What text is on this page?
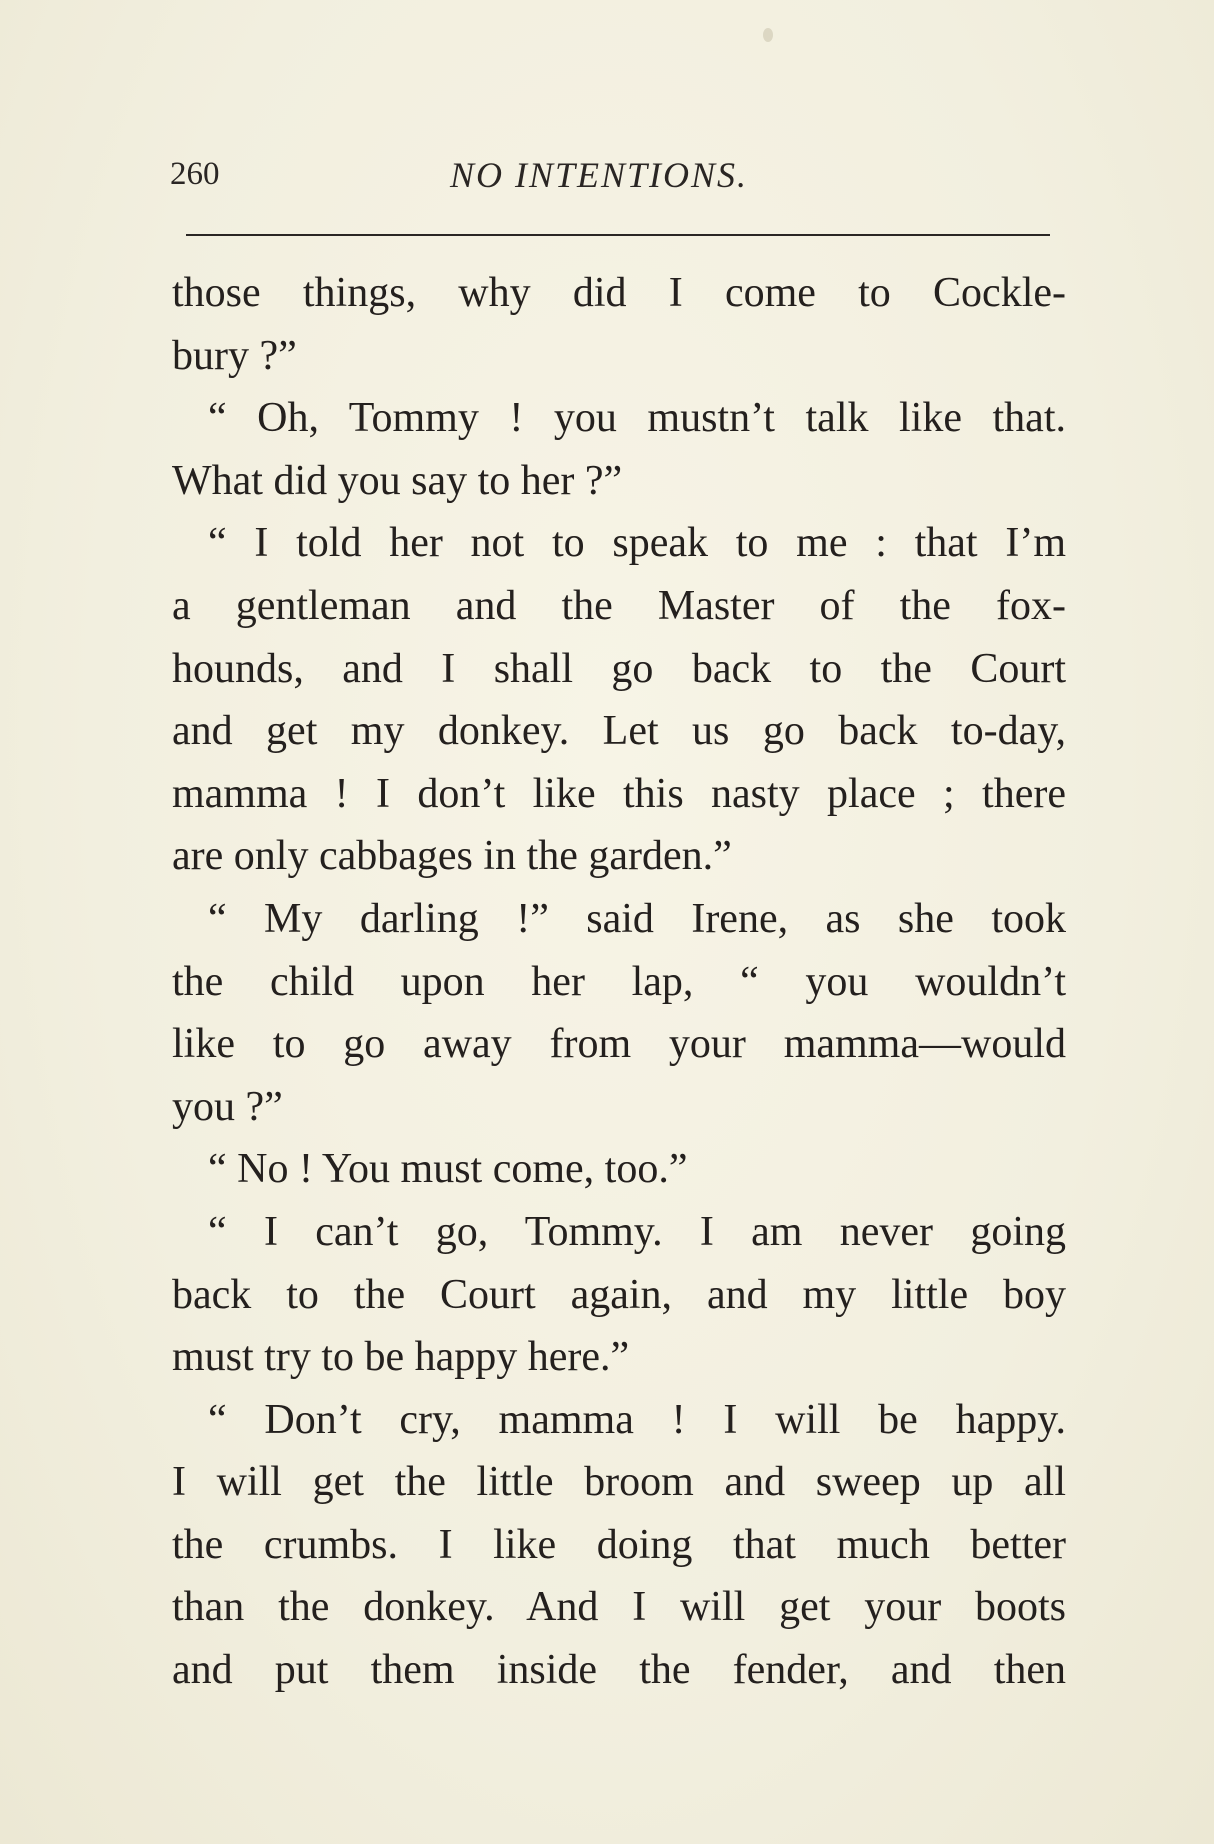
260	NO INTENTIONS.
those things, why did I come to Cockle-
bury ?”
“ Oh, Tommy ! you mustn’t talk like that.
What did you say to her ?”
“ I told her not to speak to me : that I’m
a gentleman and the Master of the fox-
hounds, and I shall go back to the Court
and get my donkey. Let us go back to-day,
mamma ! I don’t like this nasty place ; there
are only cabbages in the garden.”
“ My darling !” said Irene, as she took
the child upon her lap, “ you wouldn’t
like to go away from your mamma—would
you ?”
“ No ! You must come, too.”
“ I can’t go, Tommy. I am never going
back to the Court again, and my little boy
must try to be happy here.”
“ Don’t cry, mamma ! I will be happy.
I will get the little broom and sweep up all
the crumbs. I like doing that much better
than the donkey. And I will get your boots
and put them inside the fender, and then
